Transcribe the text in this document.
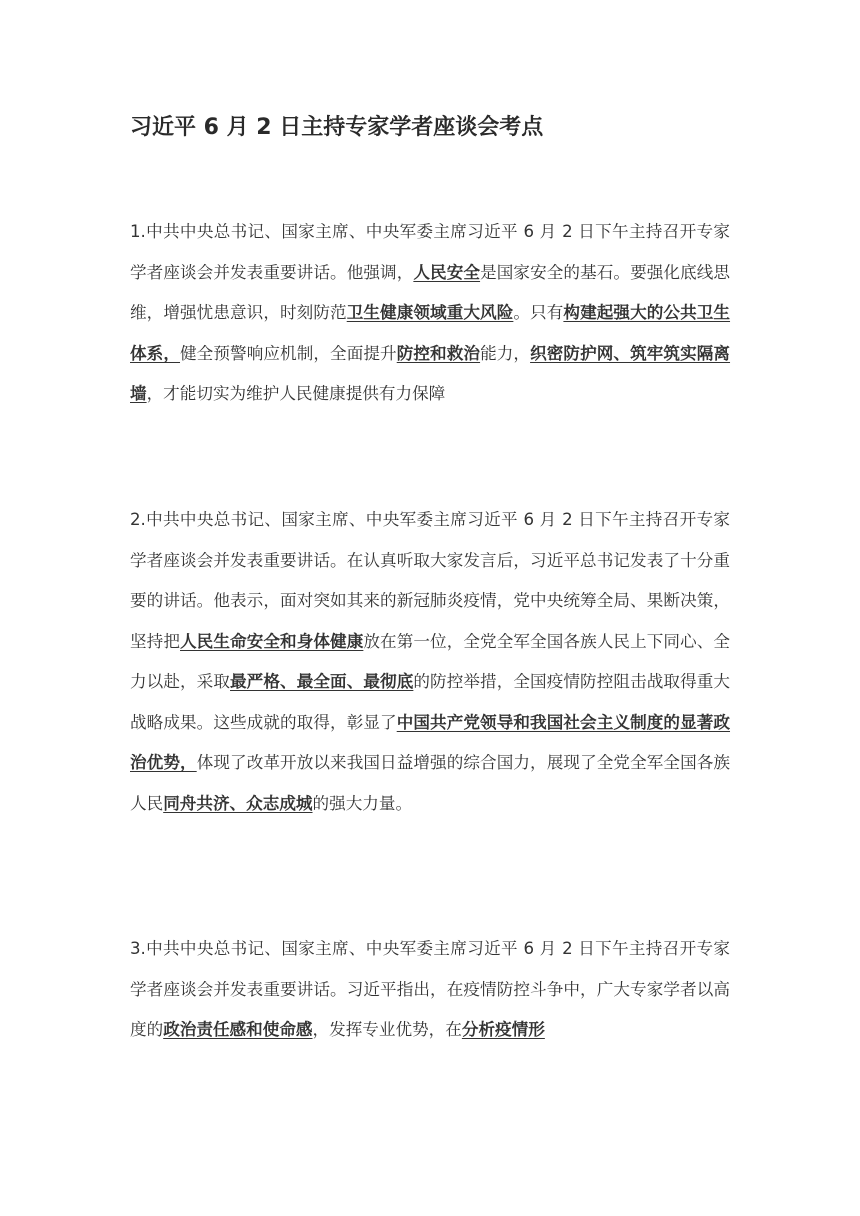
习近平 6 月 2 日主持专家学者座谈会考点

1.中共中央总书记、国家主席、中央军委主席习近平 6 月 2 日下午主持召开专家学者座谈会并发表重要讲话。他强调，人民安全是国家安全的基石。要强化底线思维，增强忧患意识，时刻防范卫生健康领域重大风险。只有构建起强大的公共卫生体系，健全预警响应机制，全面提升防控和救治能力，织密防护网、筑牢筑实隔离墙，才能切实为维护人民健康提供有力保障

2.中共中央总书记、国家主席、中央军委主席习近平 6 月 2 日下午主持召开专家学者座谈会并发表重要讲话。在认真听取大家发言后，习近平总书记发表了十分重要的讲话。他表示，面对突如其来的新冠肺炎疫情，党中央统筹全局、果断决策，坚持把人民生命安全和身体健康放在第一位，全党全军全国各族人民上下同心、全力以赴，采取最严格、最全面、最彻底的防控举措，全国疫情防控阻击战取得重大战略成果。这些成就的取得，彰显了中国共产党领导和我国社会主义制度的显著政治优势，体现了改革开放以来我国日益增强的综合国力，展现了全党全军全国各族人民同舟共济、众志成城的强大力量。

3.中共中央总书记、国家主席、中央军委主席习近平 6 月 2 日下午主持召开专家学者座谈会并发表重要讲话。习近平指出，在疫情防控斗争中，广大专家学者以高度的政治责任感和使命感，发挥专业优势，在分析疫情形
